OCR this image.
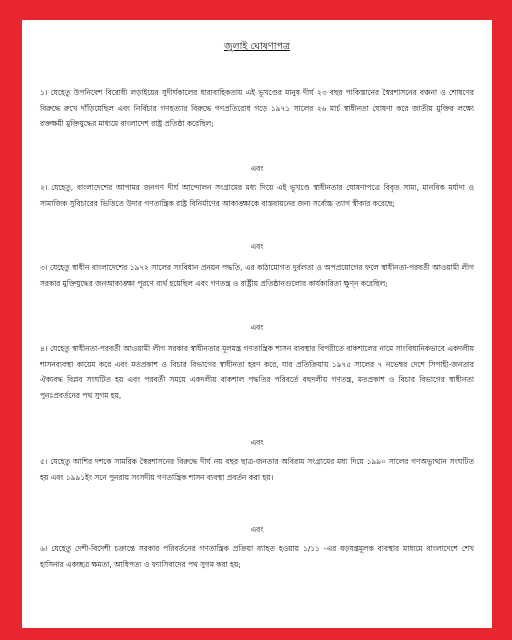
জুলাই ঘোষণাপত্র

১। যেহেতু উপনিবেশ বিরোধী লড়াইয়ের সুদীর্ঘকালের ধারাবাহিকতায় এই ভূখণ্ডের মানুষ দীর্ঘ ২৩ বছর পাকিস্তানের স্বৈরশাসনের বঞ্চনা ও শোষণের বিরুদ্ধে রুখে দাঁড়িয়েছিল এবং নির্বিচার গণহত্যার বিরুদ্ধে গণপ্রতিরোধ গড়ে ১৯৭১ সালের ২৬ মার্চ স্বাধীনতা ঘোষণা করে জাতীয় মুক্তির লক্ষ্যে রক্তক্ষয়ী মুক্তিযুদ্ধের মাধ্যমে বাংলাদেশ রাষ্ট্র প্রতিষ্ঠা করেছিল;

এবং

২। যেহেতু, বাংলাদেশের আপামর জনগণ দীর্ঘ আন্দোলন সংগ্রামের মধ্য দিয়ে এই ভূখণ্ডে স্বাধীনতার ঘোষণাপত্রে বিবৃত সাম্য, মানবিক মর্যাদা ও সামাজিক সুবিচারের ভিত্তিতে উদার গণতান্ত্রিক রাষ্ট্র বিনির্মাণের আকাঙ্ক্ষাকে বাস্তবায়নের জন্য সর্বোচ্চ ত্যাগ স্বীকার করেছে;

এবং

৩। যেহেতু স্বাধীন বাংলাদেশের ১৯৭২ সালের সংবিধান প্রনয়ন পদ্ধতি, এর কাঠামোগত দুর্বলতা ও অপপ্রয়োগের ফলে স্বাধীনতা-পরবর্তী আওয়ামী লীগ সরকার মুক্তিযুদ্ধের জনআকাঙ্ক্ষা পূরণে ব্যর্থ হয়েছিল এবং গণতন্ত্র ও রাষ্ট্রীয় প্রতিষ্ঠানগুলোর কার্যকারিতা ক্ষুণ্ন করেছিল;

এবং

৪। যেহেতু স্বাধীনতা-পরবর্তী আওয়ামী লীগ সরকার স্বাধীনতার মূলমন্ত্র গণতান্ত্রিক শাসন ব্যবস্থার বিপরীতে বাকশালের নামে সাংবিধানিকভাবে একদলীয় শাসনব্যবস্থা কায়েম করে এবং মতপ্রকাশ ও বিচার বিভাগের স্বাধীনতা হরণ করে, যার প্রতিক্রিয়ায় ১৯৭৫ সালের ৭ নভেম্বর দেশে সিপাহী-জনতার ঐক্যবদ্ধ বিপ্লব সংঘটিত হয় এবং পরবর্তী সময়ে একদলীয় বাকশাল পদ্ধতির পরিবর্তে বহুদলীয় গণতন্ত্র, মতপ্রকাশ ও বিচার বিভাগের স্বাধীনতা পুনঃপ্রবর্তনের পথ সুগম হয়,

এবং

৫। যেহেতু আশির দশকে সামরিক স্বৈরশাসনের বিরুদ্ধে দীর্ঘ নয় বছর ছাত্র-জনতার অবিরাম সংগ্রামের মধ্য দিয়ে ১৯৯০ সালের গণঅভ্যুত্থান সংঘটিত হয় এবং ১৯৯১ইং সনে পুনরায় সংসদীয় গণতান্ত্রিক শাসন ব্যবস্থা প্রবর্তন করা হয়।

এবং

৬। যেহেতু দেশী-বিদেশী চক্রান্তে সরকার পরিবর্তনের গণতান্ত্রিক প্রক্রিয়া ব্যাহত হওয়ায় ১/১১ -এর ষড়যন্ত্রমূলক ব্যবস্থার মাধ্যমে বাংলাদেশে শেখ হাসিনার একচ্ছত্র ক্ষমতা, আধিপত্য ও ফ্যাসিবাদের পথ সুগম করা হয়;
